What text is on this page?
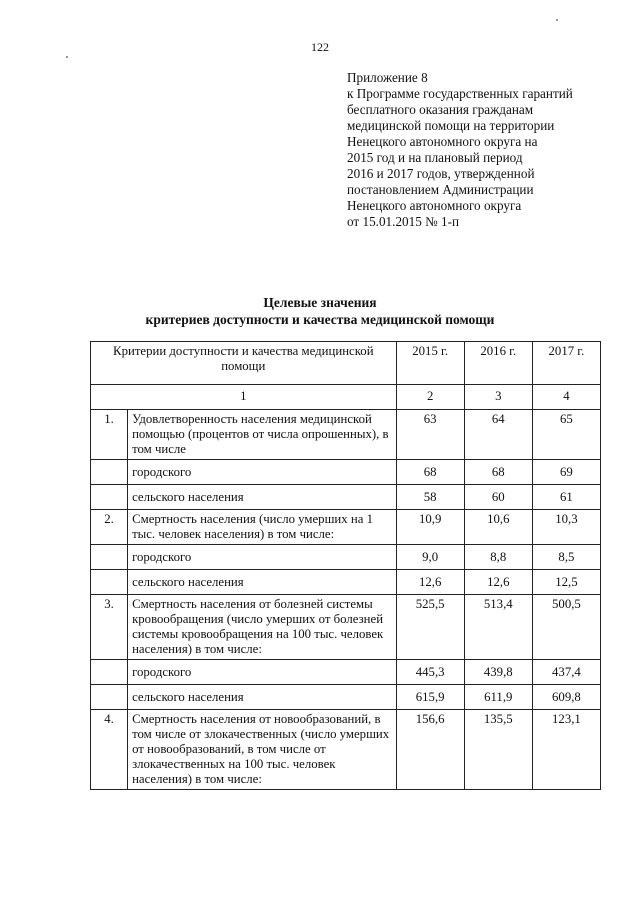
122
Приложение 8
к Программе государственных гарантий
бесплатного оказания гражданам
медицинской помощи на территории
Ненецкого автономного округа на
2015 год и на плановый период
2016 и 2017 годов, утвержденной
постановлением Администрации
Ненецкого автономного округа
от 15.01.2015 № 1-п
Целевые значения
критериев доступности и качества медицинской помощи
Критерии доступности и качества медицинской помощи		2015 г.	2016 г.	2017 г.
1		2	3	4
1.	Удовлетворенность населения медицинской помощью (процентов от числа опрошенных), в том числе	63	64	65
	городского	68	68	69
	сельского населения	58	60	61
2.	Смертность населения (число умерших на 1 тыс. человек населения) в том числе:	10,9	10,6	10,3
	городского	9,0	8,8	8,5
	сельского населения	12,6	12,6	12,5
3.	Смертность населения от болезней системы кровообращения (число умерших от болезней системы кровообращения на 100 тыс. человек населения) в том числе:	525,5	513,4	500,5
	городского	445,3	439,8	437,4
	сельского населения	615,9	611,9	609,8
4.	Смертность населения от новообразований, в том числе от злокачественных (число умерших от новообразований, в том числе от злокачественных на 100 тыс. человек населения) в том числе:	156,6	135,5	123,1
